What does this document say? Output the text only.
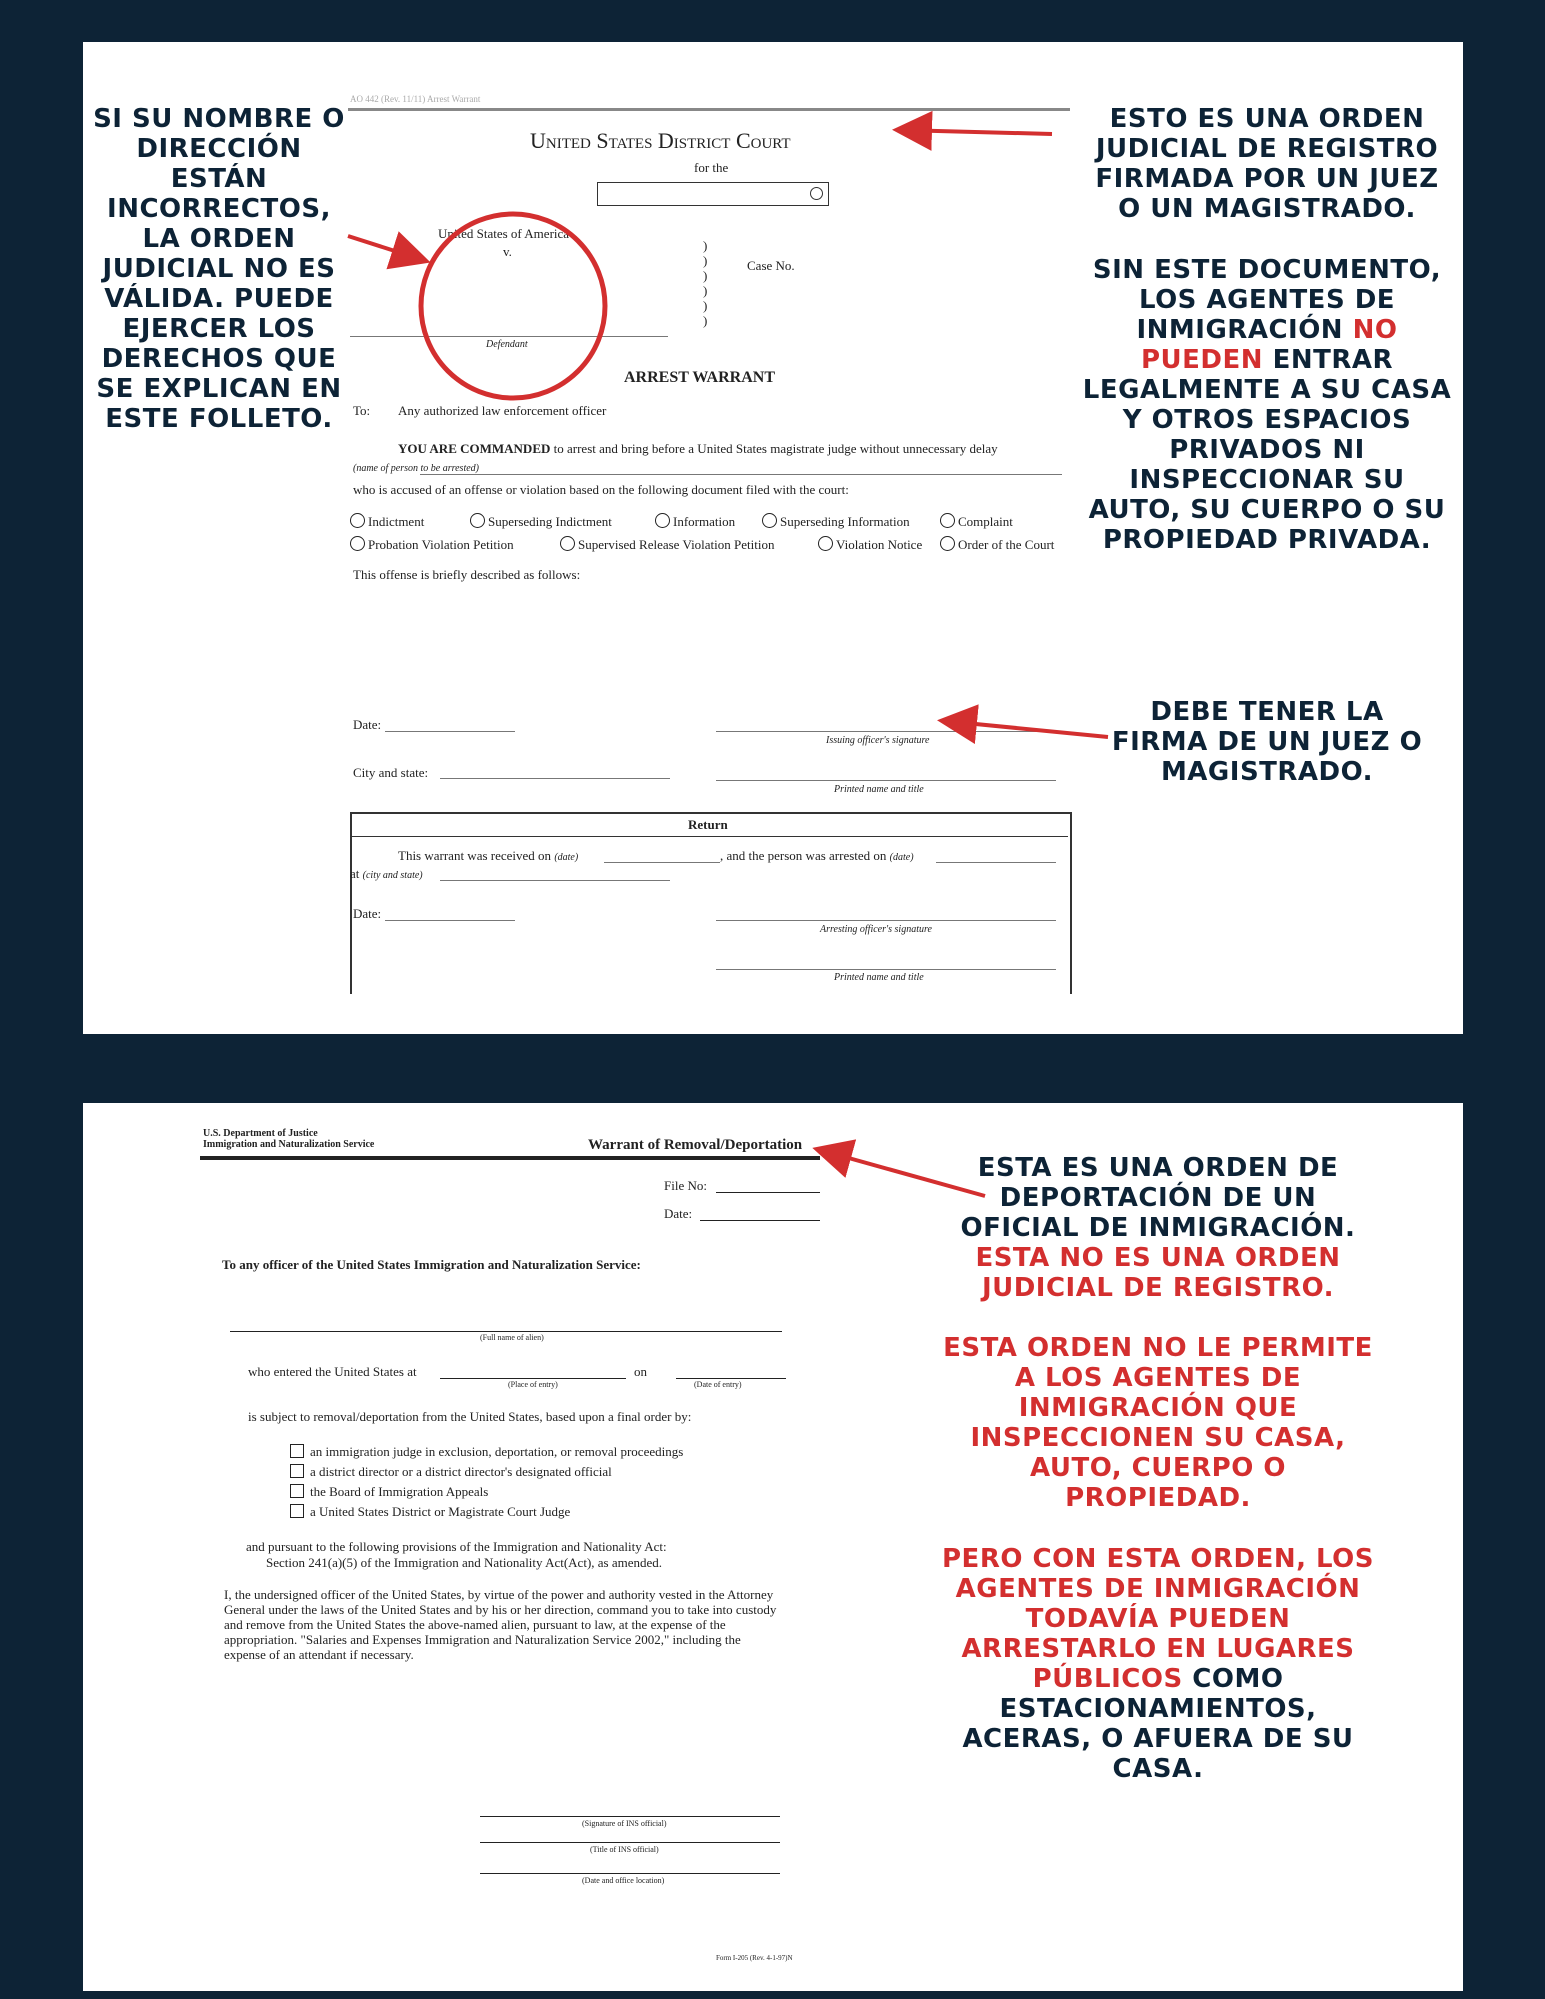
AO 442 (Rev. 11/11) Arrest Warrant
United States District Court
for the
United States of America
v.	)
)
)
)
)
)
Case No.
Defendant
ARREST WARRANT
To: Any authorized law enforcement officer
YOU ARE COMMANDED to arrest and bring before a United States magistrate judge without unnecessary delay
(name of person to be arrested)
who is accused of an offense or violation based on the following document filed with the court:
Indictment	Superseding Indictment	Information	Superseding Information	Complaint
Probation Violation Petition	Supervised Release Violation Petition	Violation Notice	Order of the Court
This offense is briefly described as follows:
Date:
Issuing officer's signature
City and state:
Printed name and title
Return
This warrant was received on (date)	, and the person was arrested on (date)
at (city and state)
Date:
Arresting officer's signature
Printed name and title
SI SU NOMBRE O DIRECCIÓN ESTÁN INCORRECTOS, LA ORDEN JUDICIAL NO ES VÁLIDA. PUEDE EJERCER LOS DERECHOS QUE SE EXPLICAN EN ESTE FOLLETO.
ESTO ES UNA ORDEN JUDICIAL DE REGISTRO FIRMADA POR UN JUEZ O UN MAGISTRADO.
SIN ESTE DOCUMENTO, LOS AGENTES DE INMIGRACIÓN NO PUEDEN ENTRAR LEGALMENTE A SU CASA Y OTROS ESPACIOS PRIVADOS NI INSPECCIONAR SU AUTO, SU CUERPO O SU PROPIEDAD PRIVADA.
DEBE TENER LA FIRMA DE UN JUEZ O MAGISTRADO.
U.S. Department of Justice
Immigration and Naturalization Service	Warrant of Removal/Deportation
File No:
Date:
To any officer of the United States Immigration and Naturalization Service:
(Full name of alien)
who entered the United States at
(Place of entry)
on
(Date of entry)
is subject to removal/deportation from the United States, based upon a final order by:
an immigration judge in exclusion, deportation, or removal proceedings
a district director or a district director's designated official
the Board of Immigration Appeals
a United States District or Magistrate Court Judge
and pursuant to the following provisions of the Immigration and Nationality Act:
Section 241(a)(5) of the Immigration and Nationality Act(Act), as amended.
I, the undersigned officer of the United States, by virtue of the power and authority vested in the Attorney General under the laws of the United States and by his or her direction, command you to take into custody and remove from the United States the above-named alien, pursuant to law, at the expense of the appropriation. "Salaries and Expenses Immigration and Naturalization Service 2002," including the expense of an attendant if necessary.
(Signature of INS official)
(Title of INS official)
(Date and office location)
Form I-205 (Rev. 4-1-97)N
ESTA ES UNA ORDEN DE DEPORTACIÓN DE UN OFICIAL DE INMIGRACIÓN.
ESTA NO ES UNA ORDEN JUDICIAL DE REGISTRO.
ESTA ORDEN NO LE PERMITE A LOS AGENTES DE INMIGRACIÓN QUE INSPECCIONEN SU CASA, AUTO, CUERPO O PROPIEDAD.
PERO CON ESTA ORDEN, LOS AGENTES DE INMIGRACIÓN TODAVÍA PUEDEN ARRESTARLO EN LUGARES PÚBLICOS COMO ESTACIONAMIENTOS, ACERAS, O AFUERA DE SU CASA.
